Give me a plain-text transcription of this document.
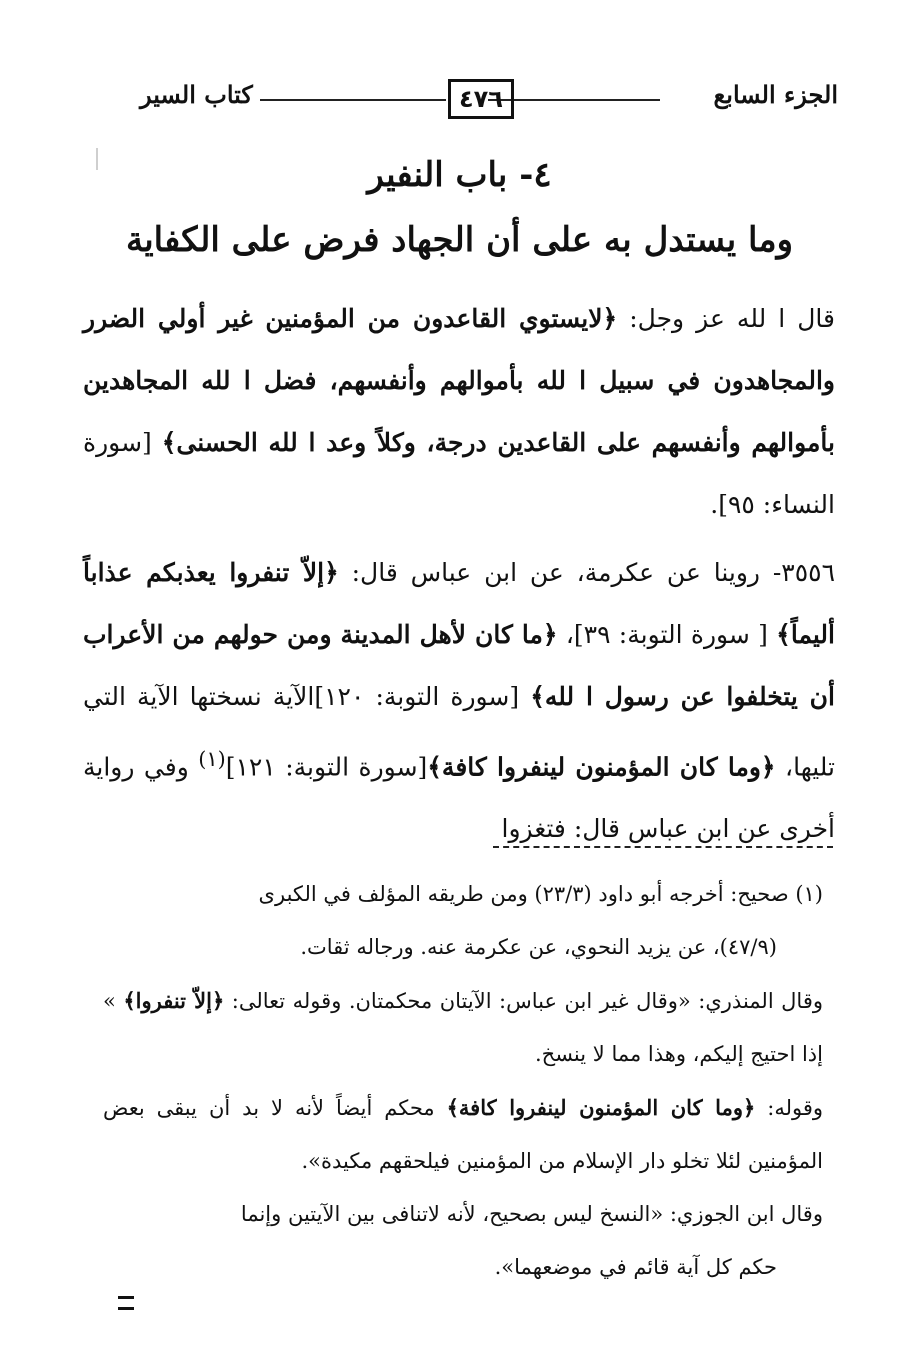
الجزء السابع
٤٧٦
كتاب السير
٤- باب النفير
وما يستدل به على أن الجهاد فرض على الكفاية

قال ا لله عز وجل: ﴿لايستوي القاعدون من المؤمنين غير أولي الضرر والمجاهدون في سبيل ا لله بأموالهم وأنفسهم، فضل ا لله المجاهدين بأموالهم وأنفسهم على القاعدين درجة، وكلاً وعد ا لله الحسنى﴾ [سورة النساء: ٩٥].

٣٥٥٦- روينا عن عكرمة، عن ابن عباس قال: ﴿إلاّ تنفروا يعذبكم عذاباً أليماً﴾ [ سورة التوبة: ٣٩]، ﴿ما كان لأهل المدينة ومن حولهم من الأعراب أن يتخلفوا عن رسول ا لله﴾ [سورة التوبة: ١٢٠]الآية نسختها الآية التي تليها، ﴿وما كان المؤمنون لينفروا كافة﴾[سورة التوبة: ١٢١]$^{(١)}$ وفي رواية أخرى عن ابن عباس قال: فتغزوا

(١) صحيح: أخرجه أبو داود (٢٣/٣) ومن طريقه المؤلف في الكبرى

(٤٧/٩)، عن يزيد النحوي، عن عكرمة عنه. ورجاله ثقات.

وقال المنذري: «وقال غير ابن عباس: الآيتان محكمتان. وقوله تعالى: ﴿إلاّ تنفروا﴾ » إذا احتيج إليكم، وهذا مما لا ينسخ.

وقوله: ﴿وما كان المؤمنون لينفروا كافة﴾ محكم أيضاً لأنه لا بد أن يبقى بعض المؤمنين لئلا تخلو دار الإسلام من المؤمنين فيلحقهم مكيدة».

وقال ابن الجوزي: «النسخ ليس بصحيح، لأنه لاتنافى بين الآيتين وإنما

حكم كل آية قائم في موضعهما».
